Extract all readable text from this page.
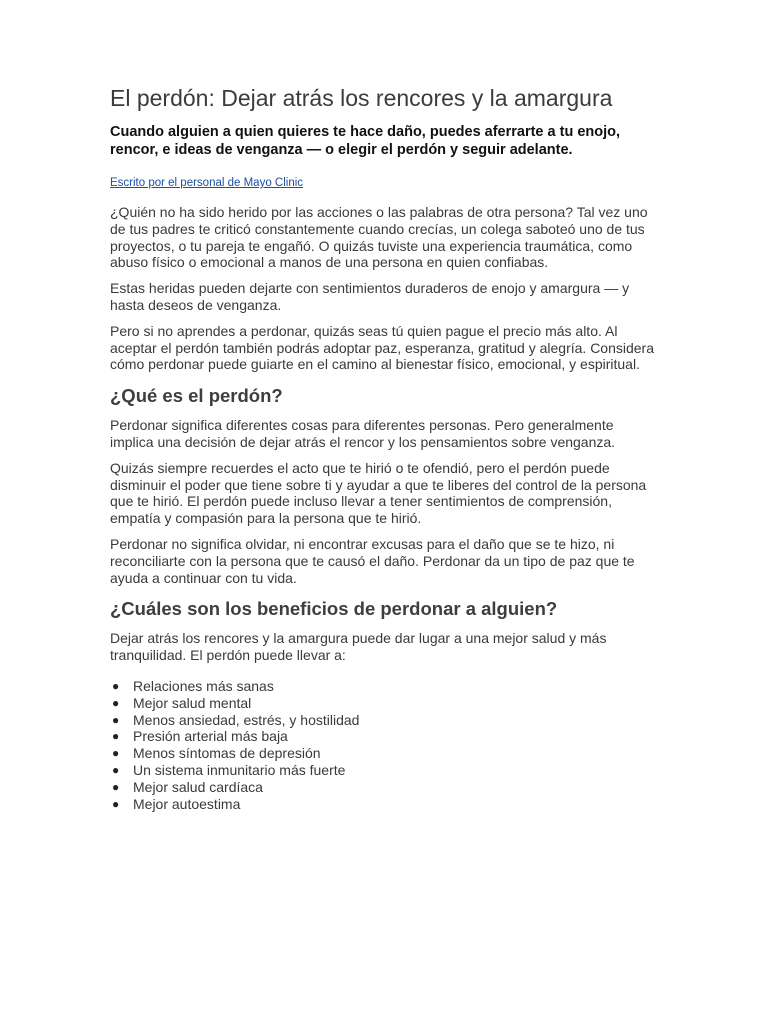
El perdón: Dejar atrás los rencores y la amargura
Cuando alguien a quien quieres te hace daño, puedes aferrarte a tu enojo, rencor, e ideas de venganza — o elegir el perdón y seguir adelante.
Escrito por el personal de Mayo Clinic

¿Quién no ha sido herido por las acciones o las palabras de otra persona? Tal vez uno de tus padres te criticó constantemente cuando crecías, un colega saboteó uno de tus proyectos, o tu pareja te engañó. O quizás tuviste una experiencia traumática, como abuso físico o emocional a manos de una persona en quien confiabas.

Estas heridas pueden dejarte con sentimientos duraderos de enojo y amargura — y hasta deseos de venganza.

Pero si no aprendes a perdonar, quizás seas tú quien pague el precio más alto. Al aceptar el perdón también podrás adoptar paz, esperanza, gratitud y alegría. Considera cómo perdonar puede guiarte en el camino al bienestar físico, emocional, y espiritual.

¿Qué es el perdón?

Perdonar significa diferentes cosas para diferentes personas. Pero generalmente implica una decisión de dejar atrás el rencor y los pensamientos sobre venganza.

Quizás siempre recuerdes el acto que te hirió o te ofendió, pero el perdón puede disminuir el poder que tiene sobre ti y ayudar a que te liberes del control de la persona que te hirió. El perdón puede incluso llevar a tener sentimientos de comprensión, empatía y compasión para la persona que te hirió.

Perdonar no significa olvidar, ni encontrar excusas para el daño que se te hizo, ni reconciliarte con la persona que te causó el daño. Perdonar da un tipo de paz que te ayuda a continuar con tu vida.

¿Cuáles son los beneficios de perdonar a alguien?

Dejar atrás los rencores y la amargura puede dar lugar a una mejor salud y más tranquilidad. El perdón puede llevar a:

● Relaciones más sanas
● Mejor salud mental
● Menos ansiedad, estrés, y hostilidad
● Presión arterial más baja
● Menos síntomas de depresión
● Un sistema inmunitario más fuerte
● Mejor salud cardíaca
● Mejor autoestima
